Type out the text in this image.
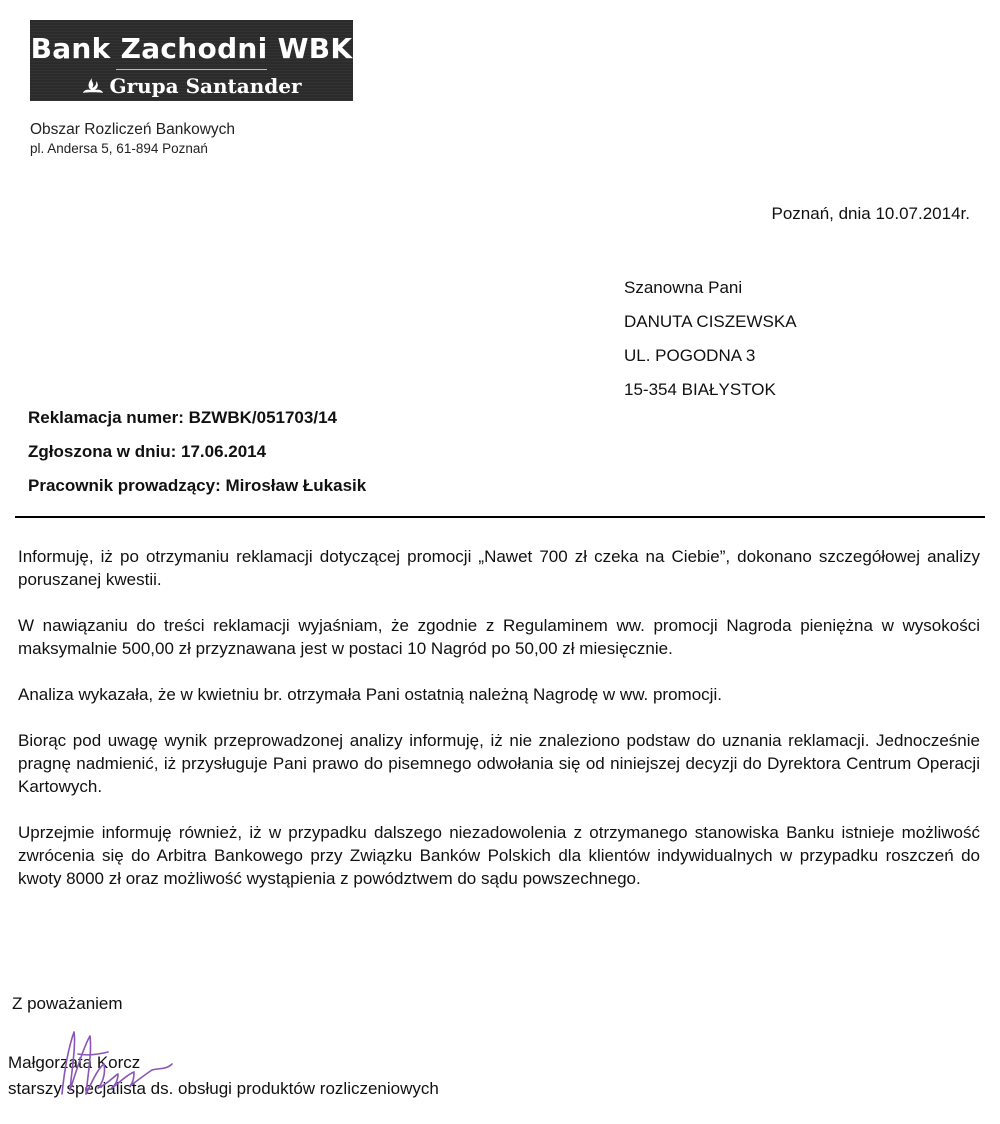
Bank Zachodni WBK
Grupa Santander
Obszar Rozliczeń Bankowych
pl. Andersa 5, 61-894 Poznań
Poznań, dnia 10.07.2014r.
Szanowna Pani
DANUTA CISZEWSKA
UL. POGODNA 3
15-354 BIAŁYSTOK
Reklamacja numer: BZWBK/051703/14
Zgłoszona w dniu: 17.06.2014
Pracownik prowadzący: Mirosław Łukasik

Informuję, iż po otrzymaniu reklamacji dotyczącej promocji „Nawet 700 zł czeka na Ciebie”, dokonano szczegółowej analizy poruszanej kwestii.

W nawiązaniu do treści reklamacji wyjaśniam, że zgodnie z Regulaminem ww. promocji Nagroda pieniężna w wysokości maksymalnie 500,00 zł przyznawana jest w postaci 10 Nagród po 50,00 zł miesięcznie.

Analiza wykazała, że w kwietniu br. otrzymała Pani ostatnią należną Nagrodę w ww. promocji.

Biorąc pod uwagę wynik przeprowadzonej analizy informuję, iż nie znaleziono podstaw do uznania reklamacji. Jednocześnie pragnę nadmienić, iż przysługuje Pani prawo do pisemnego odwołania się od niniejszej decyzji do Dyrektora Centrum Operacji Kartowych.

Uprzejmie informuję również, iż w przypadku dalszego niezadowolenia z otrzymanego stanowiska Banku istnieje możliwość zwrócenia się do Arbitra Bankowego przy Związku Banków Polskich dla klientów indywidualnych w przypadku roszczeń do kwoty 8000 zł oraz możliwość wystąpienia z powództwem do sądu powszechnego.

Z poważaniem
Małgorzata Korcz
starszy specjalista ds. obsługi produktów rozliczeniowych
